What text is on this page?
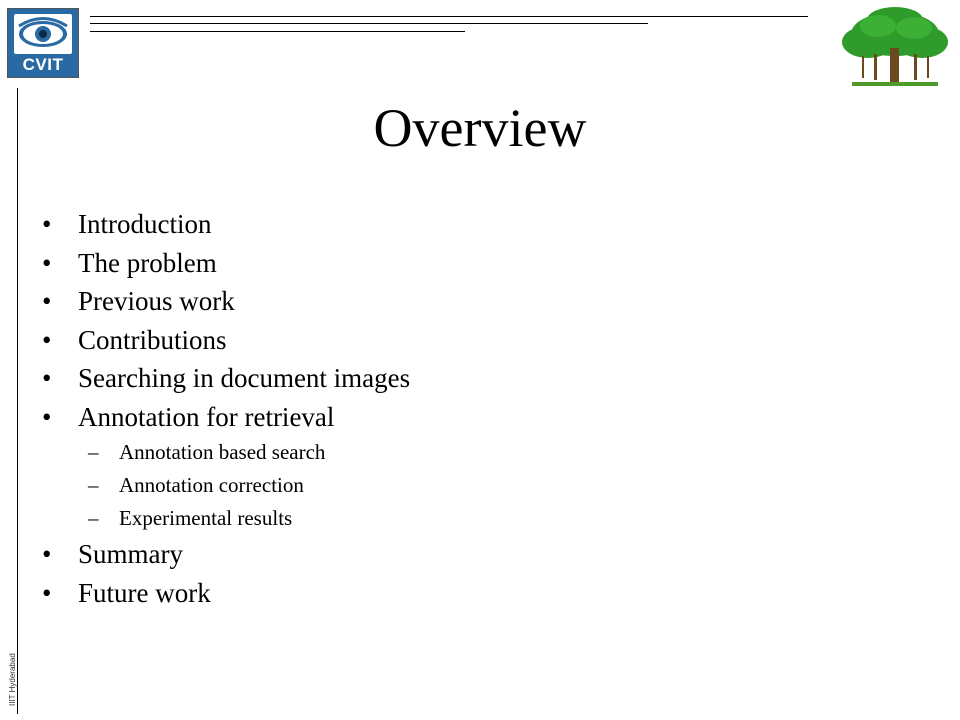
CVIT
IIIT Hyderabad
Overview
• Introduction
• The problem
• Previous work
• Contributions
• Searching in document images
• Annotation for retrieval
– Annotation based search
– Annotation correction
– Experimental results
• Summary
• Future work
